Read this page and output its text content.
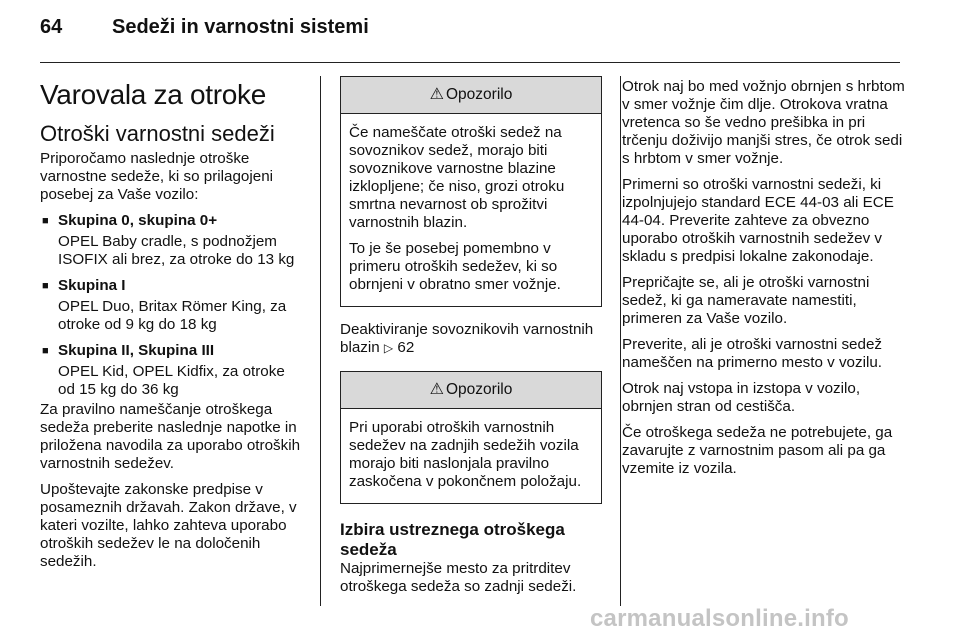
64 Sedeži in varnostni sistemi
Varovala za otroke
Otroški varnostni sedeži

Priporočamo naslednje otroške varnostne sedeže, ki so prilagojeni posebej za Vaše vozilo:

■ Skupina 0, skupina 0+
OPEL Baby cradle, s podnožjem ISOFIX ali brez, za otroke do 13 kg
■ Skupina I
OPEL Duo, Britax Römer King, za otroke od 9 kg do 18 kg
■ Skupina II, Skupina III
OPEL Kid, OPEL Kidfix, za otroke od 15 kg do 36 kg

Za pravilno nameščanje otroškega sedeža preberite naslednje napotke in priložena navodila za uporabo otroških varnostnih sedežev.

Upoštevajte zakonske predpise v posameznih državah. Zakon države, v kateri vozilte, lahko zahteva uporabo otroških sedežev le na določenih sedežih.

⚠ Opozorilo

Če nameščate otroški sedež na sovoznikov sedež, morajo biti sovoznikove varnostne blazine izklopljene; če niso, grozi otroku smrtna nevarnost ob sprožitvi varnostnih blazin.

To je še posebej pomembno v primeru otroških sedežev, ki so obrnjeni v obratno smer vožnje.

Deaktiviranje sovoznikovih varnostnih blazin ▷ 62

⚠ Opozorilo

Pri uporabi otroških varnostnih sedežev na zadnjih sedežih vozila morajo biti naslonjala pravilno zaskočena v pokončnem položaju.

Izbira ustreznega otroškega sedeža

Najprimernejše mesto za pritrditev otroškega sedeža so zadnji sedeži.

Otrok naj bo med vožnjo obrnjen s hrbtom v smer vožnje čim dlje. Otrokova vratna vretenca so še vedno prešibka in pri trčenju doživijo manjši stres, če otrok sedi s hrbtom v smer vožnje.

Primerni so otroški varnostni sedeži, ki izpolnjujejo standard ECE 44-03 ali ECE 44-04. Preverite zahteve za obvezno uporabo otroških varnostnih sedežev v skladu s predpisi lokalne zakonodaje.

Prepričajte se, ali je otroški varnostni sedež, ki ga nameravate namestiti, primeren za Vaše vozilo.

Preverite, ali je otroški varnostni sedež nameščen na primerno mesto v vozilu.

Otrok naj vstopa in izstopa v vozilo, obrnjen stran od cestišča.

Če otroškega sedeža ne potrebujete, ga zavarujte z varnostnim pasom ali pa ga vzemite iz vozila.

carmanualsonline.info
